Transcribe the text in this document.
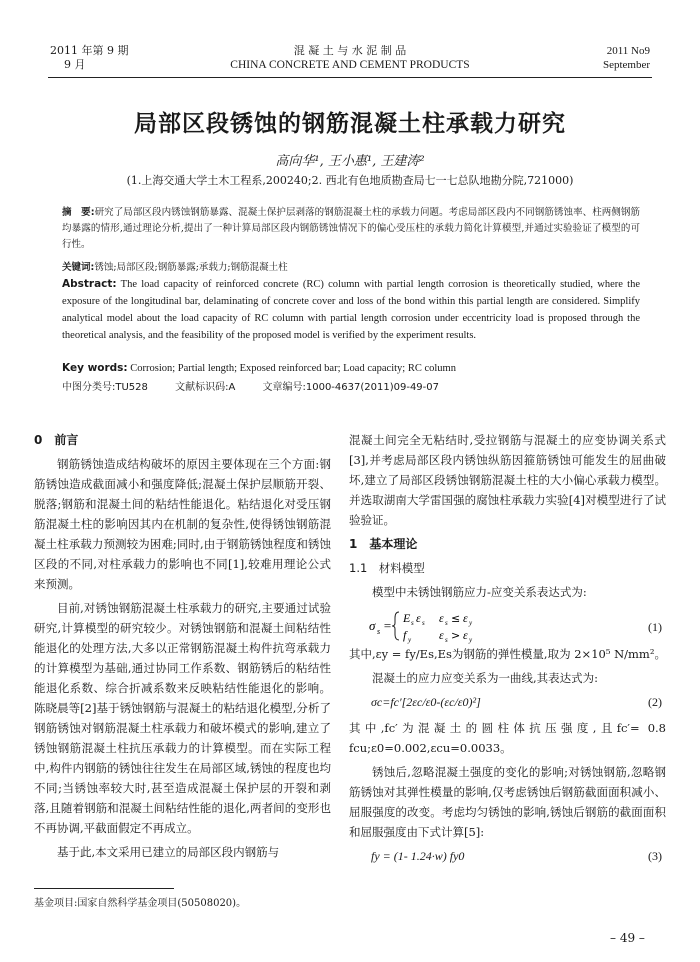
2011 年第 9 期
9 月
混 凝 土 与 水 泥 制 品
CHINA CONCRETE AND CEMENT PRODUCTS
2011 No9
September
局部区段锈蚀的钢筋混凝土柱承载力研究
高向华¹, 王小惠¹, 王建涛²
(1.上海交通大学土木工程系,200240;2. 西北有色地质勘查局七一七总队地勘分院,721000)
摘　要:研究了局部区段内锈蚀钢筋暴露、混凝土保护层剥落的钢筋混凝土柱的承载力问题。考虑局部区段内不同钢筋锈蚀率、柱两侧钢筋均暴露的情形,通过理论分析,提出了一种计算局部区段内钢筋锈蚀情况下的偏心受压柱的承载力简化计算模型,并通过实验验证了模型的可行性。
关键词:锈蚀;局部区段;钢筋暴露;承载力;钢筋混凝土柱
Abstract: The load capacity of reinforced concrete (RC) column with partial length corrosion is theoretically studied, where the exposure of the longitudinal bar, delaminating of concrete cover and loss of the bond within this partial length are considered. Simplify analytical model about the load capacity of RC column with partial length corrosion under eccentricity load is proposed through the theoretical analysis, and the feasibility of the proposed model is verified by the experiment results.
Key words: Corrosion; Partial length; Exposed reinforced bar; Load capacity; RC column
中图分类号:TU528	文献标识码:A	文章编号:1000-4637(2011)09-49-07

0　前言

钢筋锈蚀造成结构破坏的原因主要体现在三个方面:钢筋锈蚀造成截面减小和强度降低;混凝土保护层顺筋开裂、脱落;钢筋和混凝土间的粘结性能退化。粘结退化对受压钢筋混凝土柱的影响因其内在机制的复杂性,使得锈蚀钢筋混凝土柱承载力预测较为困难;同时,由于钢筋锈蚀程度和锈蚀区段的不同,对柱承载力的影响也不同[1],较难用理论公式来预测。

目前,对锈蚀钢筋混凝土柱承载力的研究,主要通过试验研究,计算模型的研究较少。对锈蚀钢筋和混凝土间粘结性能退化的处理方法,大多以正常钢筋混凝土构件抗弯承载力的计算模型为基础,通过协同工作系数、钢筋锈后的粘结性能退化系数、综合折减系数来反映粘结性能退化的影响。陈晓晨等[2]基于锈蚀钢筋与混凝土的粘结退化模型,分析了钢筋锈蚀对钢筋混凝土柱承载力和破坏模式的影响,建立了锈蚀钢筋混凝土柱抗压承载力的计算模型。而在实际工程中,构件内钢筋的锈蚀往往发生在局部区域,锈蚀的程度也均不同;当锈蚀率较大时,甚至造成混凝土保护层的开裂和剥落,且随着钢筋和混凝土间粘结性能的退化,两者间的变形也不再协调,平截面假定不再成立。

基于此,本文采用已建立的局部区段内钢筋与

混凝土间完全无粘结时,受拉钢筋与混凝土的应变协调关系式[3],并考虑局部区段内锈蚀纵筋因箍筋锈蚀可能发生的屈曲破坏,建立了局部区段锈蚀钢筋混凝土柱的大小偏心承载力模型。并选取湖南大学雷国强的腐蚀柱承载力实验[4]对模型进行了试验验证。

1　基本理论

1.1　材料模型

模型中未锈蚀钢筋应力-应变关系表达式为:

σ s = E s ε s ε s ≤ ε y
f y ε s > ε y
(1)

其中,εy = fy/Es,Es为钢筋的弹性模量,取为 2×10⁵ N/mm²。

混凝土的应力应变关系为一曲线,其表达式为:

σc=fc′[2εc/ε0-(εc/ε0)²]	(2)

其中,fc′为混凝土的圆柱体抗压强度,且fc′= 0.8 fcu;ε0=0.002,εcu=0.0033。

锈蚀后,忽略混凝土强度的变化的影响;对锈蚀钢筋,忽略钢筋锈蚀对其弹性模量的影响,仅考虑锈蚀后钢筋截面面积减小、屈服强度的改变。考虑均匀锈蚀的影响,锈蚀后钢筋的截面面积和屈服强度由下式计算[5]:

fy = (1- 1.24·w) fy0	(3)
基金项目:国家自然科学基金项目(50508020)。
– 49 –
